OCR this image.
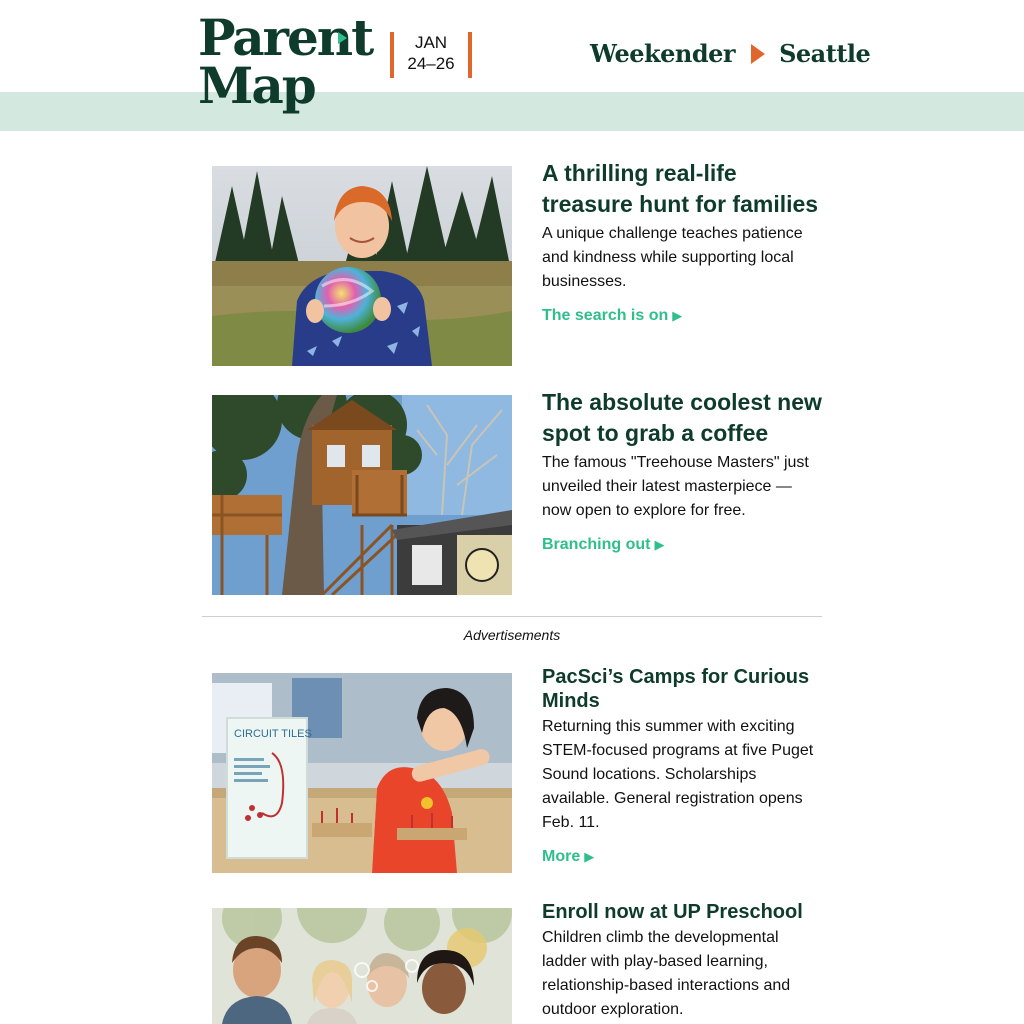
Parent
Map
JAN
24–26	Weekender Seattle
A thrilling real-life treasure hunt for families

A unique challenge teaches patience and kindness while supporting local businesses.

The search is on ▶
The absolute coolest new spot to grab a coffee

The famous "Treehouse Masters" just unveiled their latest masterpiece — now open to explore for free.

Branching out ▶
Advertisements
CIRCUIT TILES
PacSci’s Camps for Curious Minds

Returning this summer with exciting STEM-focused programs at five Puget Sound locations. Scholarships available. General registration opens Feb. 11.

More ▶
Enroll now at UP Preschool

Children climb the developmental ladder with play-based learning, relationship-based interactions and outdoor exploration.
